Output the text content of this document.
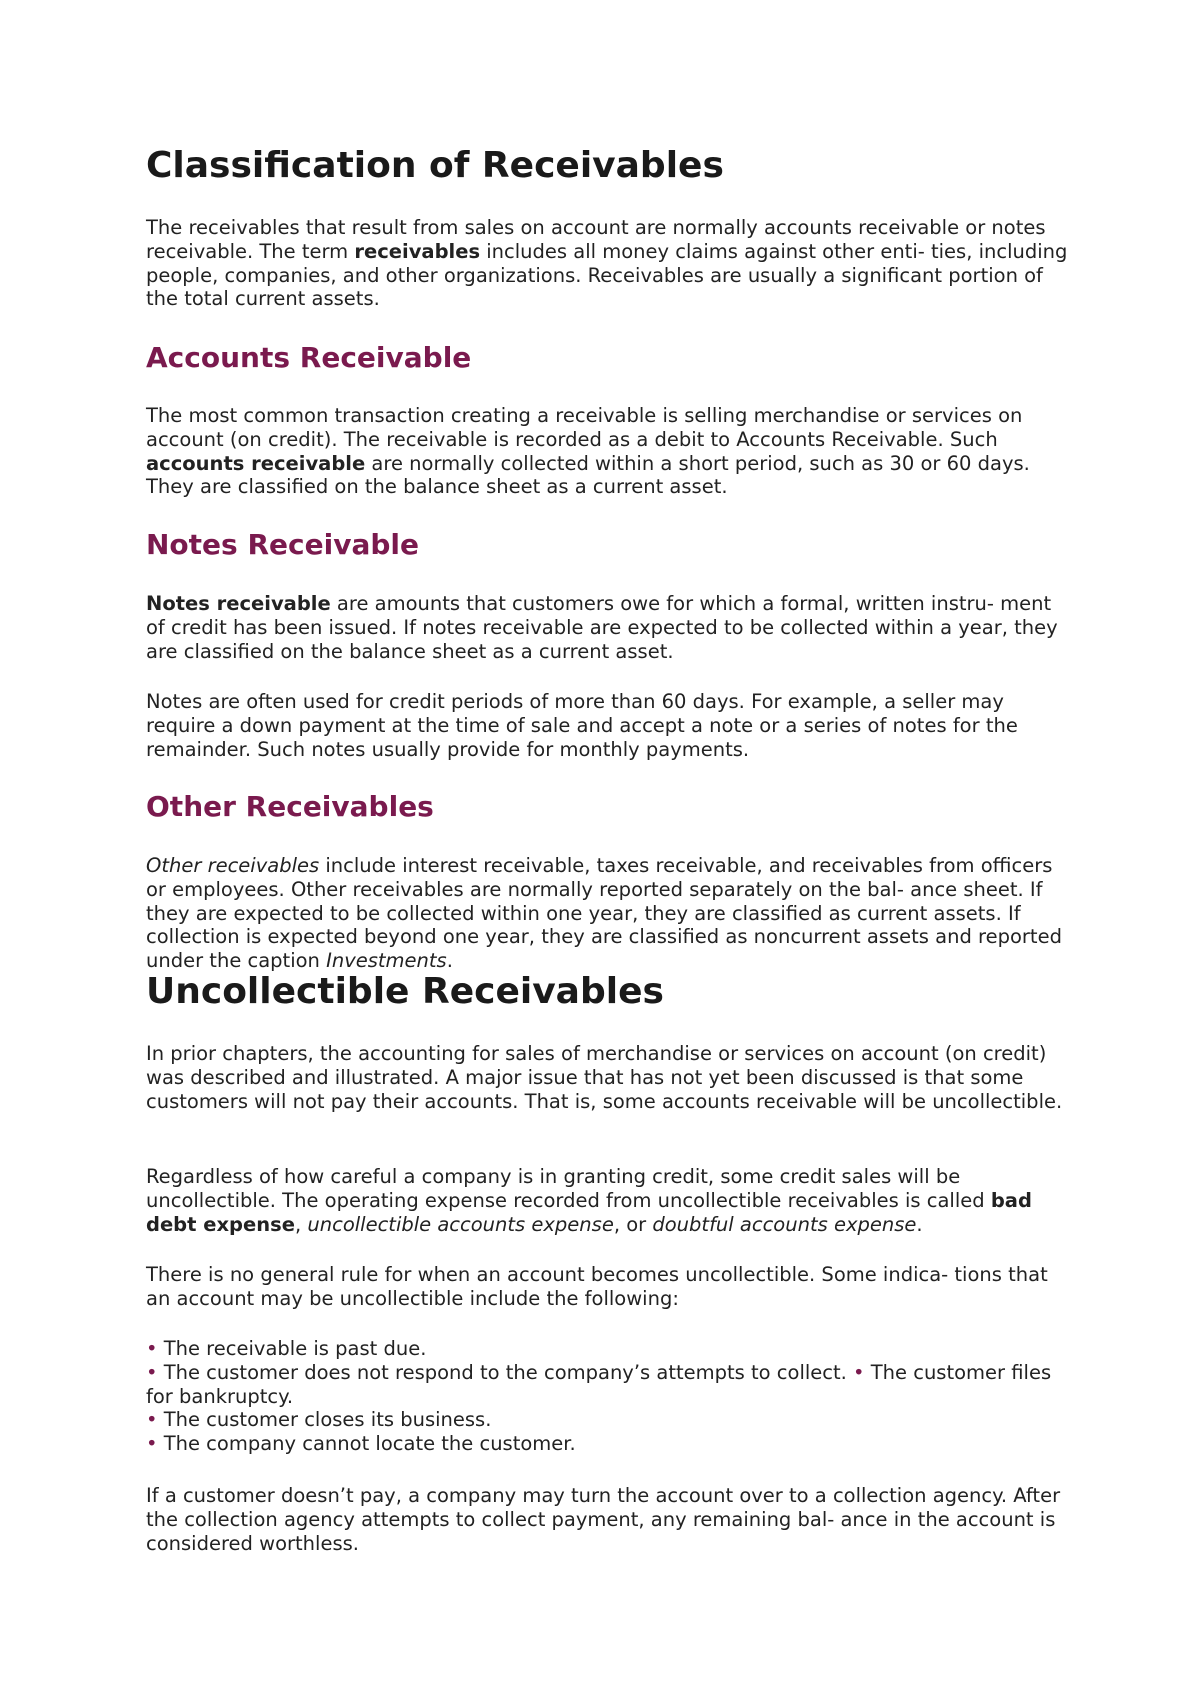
Classification of Receivables

The receivables that result from sales on account are normally accounts receivable or notes receivable. The term receivables includes all money claims against other enti- ties, including people, companies, and other organizations. Receivables are usually a significant portion of the total current assets.

Accounts Receivable

The most common transaction creating a receivable is selling merchandise or services on account (on credit). The receivable is recorded as a debit to Accounts Receivable. Such accounts receivable are normally collected within a short period, such as 30 or 60 days. They are classified on the balance sheet as a current asset.

Notes Receivable

Notes receivable are amounts that customers owe for which a formal, written instru- ment of credit has been issued. If notes receivable are expected to be collected within a year, they are classified on the balance sheet as a current asset.

Notes are often used for credit periods of more than 60 days. For example, a seller may require a down payment at the time of sale and accept a note or a series of notes for the remainder. Such notes usually provide for monthly payments.

Other Receivables

Other receivables include interest receivable, taxes receivable, and receivables from officers or employees. Other receivables are normally reported separately on the bal- ance sheet. If they are expected to be collected within one year, they are classified as current assets. If collection is expected beyond one year, they are classified as noncurrent assets and reported under the caption Investments.

Uncollectible Receivables

In prior chapters, the accounting for sales of merchandise or services on account (on credit) was described and illustrated. A major issue that has not yet been discussed is that some customers will not pay their accounts. That is, some accounts receivable will be uncollectible.

Regardless of how careful a company is in granting credit, some credit sales will be uncollectible. The operating expense recorded from uncollectible receivables is called bad debt expense, uncollectible accounts expense, or doubtful accounts expense.

There is no general rule for when an account becomes uncollectible. Some indica- tions that an account may be uncollectible include the following:

• The receivable is past due.
• The customer does not respond to the company’s attempts to collect. • The customer files for bankruptcy.
• The customer closes its business.
• The company cannot locate the customer.

If a customer doesn’t pay, a company may turn the account over to a collection agency. After the collection agency attempts to collect payment, any remaining bal- ance in the account is considered worthless.
